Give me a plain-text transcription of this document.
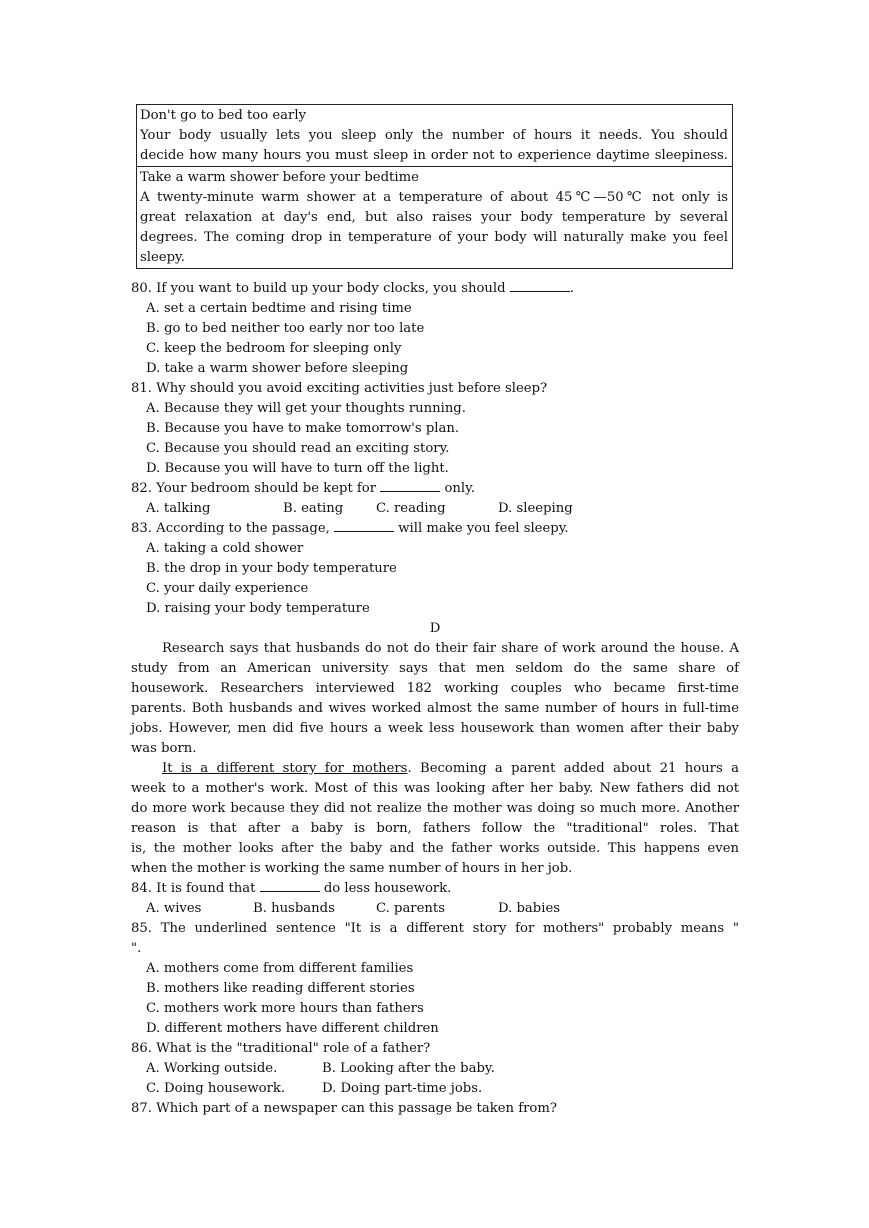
Don't go to bed too early
Your body usually lets you sleep only the number of hours it needs. You should
decide how many hours you must sleep in order not to experience daytime sleepiness.
Take a warm shower before your bedtime
A twenty-minute warm shower at a temperature of about 45℃—50℃ not only is
great relaxation at day's end, but also raises your body temperature by several
degrees. The coming drop in temperature of your body will naturally make you feel
sleepy.
80. If you want to build up your body clocks, you should	.
A. set a certain bedtime and rising time
B. go to bed neither too early nor too late
C. keep the bedroom for sleeping only
D. take a warm shower before sleeping
81. Why should you avoid exciting activities just before sleep?
A. Because they will get your thoughts running.
B. Because you have to make tomorrow's plan.
C. Because you should read an exciting story.
D. Because you will have to turn off the light.
82. Your bedroom should be kept for	only.
A. talking	B. eating C. reading	D. sleeping
83. According to the passage,	will make you feel sleepy.
A. taking a cold shower
B. the drop in your body temperature
C. your daily experience
D. raising your body temperature
D
Research says that husbands do not do their fair share of work around the house. A
study from an American university says that men seldom do the same share of
housework. Researchers interviewed 182 working couples who became first-time
parents. Both husbands and wives worked almost the same number of hours in full-time
jobs. However, men did five hours a week less housework than women after their baby
was born.
It is a different story for mothers. Becoming a parent added about 21 hours a
week to a mother's work. Most of this was looking after her baby. New fathers did not
do more work because they did not realize the mother was doing so much more. Another
reason is that after a baby is born, fathers follow the "traditional" roles. That
is, the mother looks after the baby and the father works outside. This happens even
when the mother is working the same number of hours in her job.
84. It is found that	do less housework.
A. wives	B. husbands	C. parents	D. babies
85. The underlined sentence "It is a different story for mothers" probably means "
".
A. mothers come from different families
B. mothers like reading different stories
C. mothers work more hours than fathers
D. different mothers have different children
86. What is the "traditional" role of a father?
A. Working outside.	B. Looking after the baby.
C. Doing housework.	D. Doing part-time jobs.
87. Which part of a newspaper can this passage be taken from?
